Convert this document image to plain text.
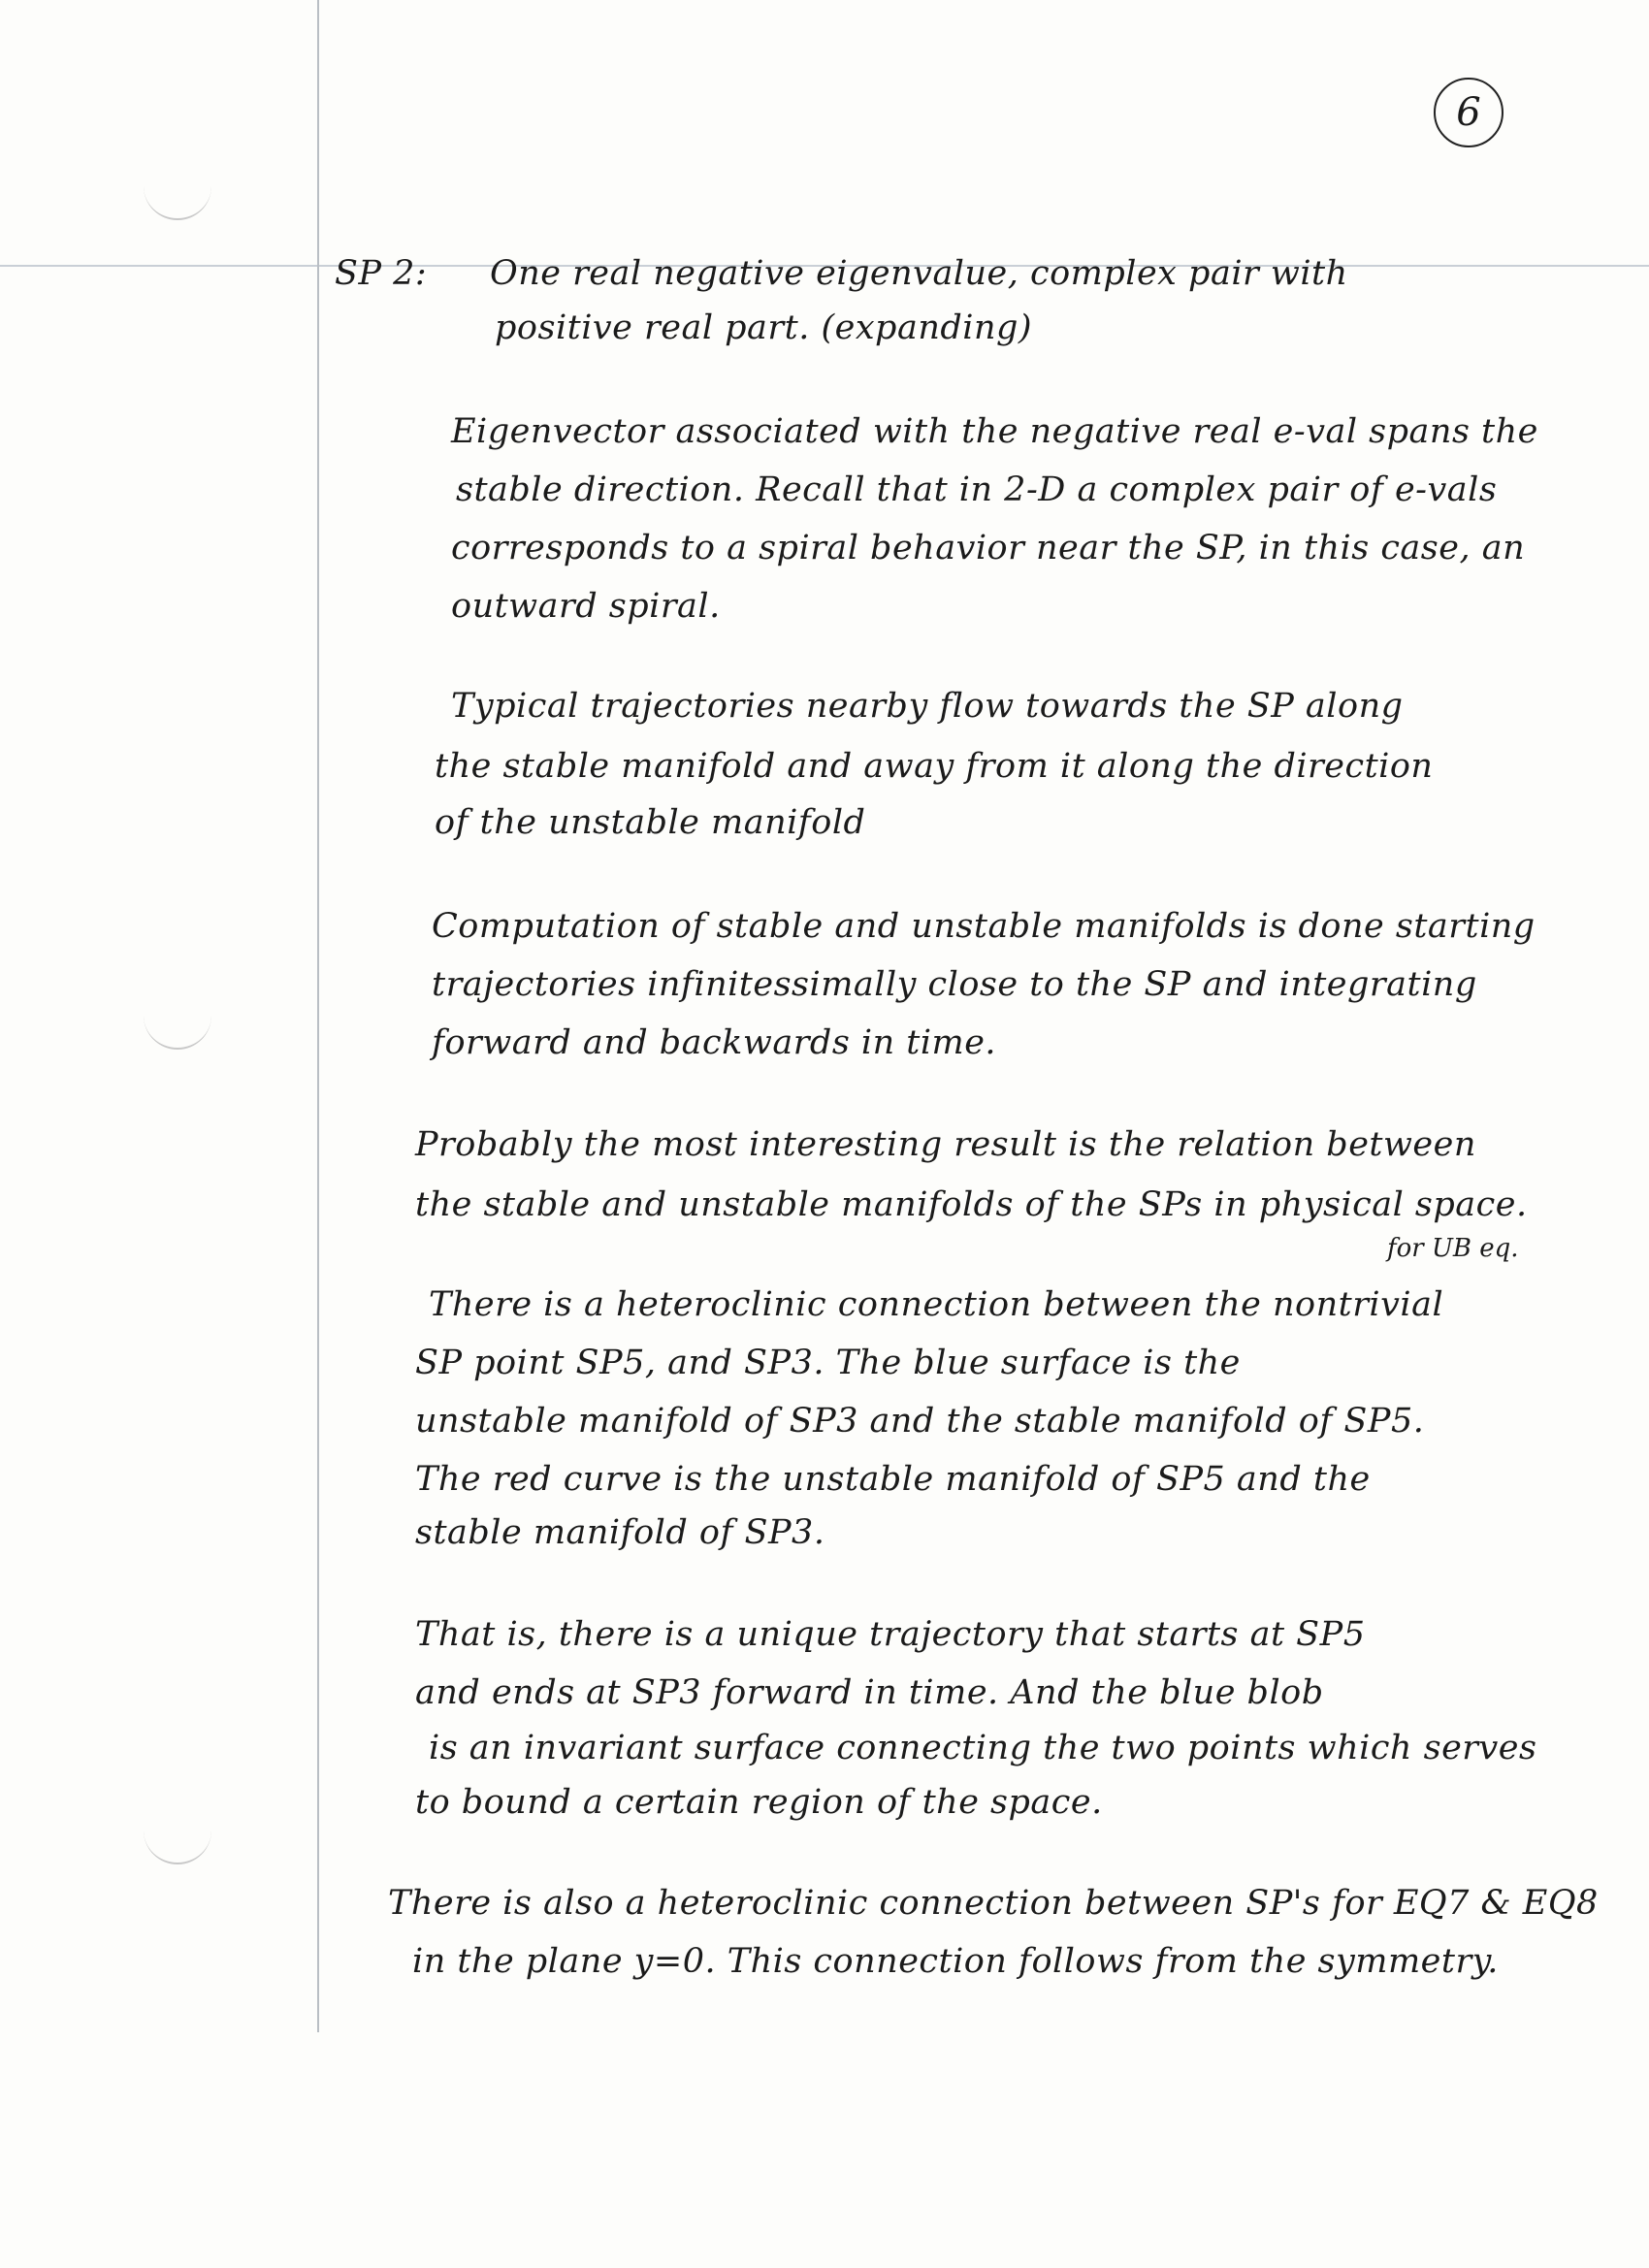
6
SP 2: One real negative eigenvalue, complex pair with
positive real part. (expanding)
Eigenvector associated with the negative real e-val spans the
stable direction. Recall that in 2-D a complex pair of e-vals
corresponds to a spiral behavior near the SP, in this case, an
outward spiral.
Typical trajectories nearby flow towards the SP along
the stable manifold and away from it along the direction
of the unstable manifold
Computation of stable and unstable manifolds is done starting
trajectories infinitessimally close to the SP and integrating
forward and backwards in time.
Probably the most interesting result is the relation between
the stable and unstable manifolds of the SPs in physical space.
for UB eq.
There is a heteroclinic connection between the nontrivial
SP point SP5, and SP3. The blue surface is the
unstable manifold of SP3 and the stable manifold of SP5.
The red curve is the unstable manifold of SP5 and the
stable manifold of SP3.
That is, there is a unique trajectory that starts at SP5
and ends at SP3 forward in time. And the blue blob
is an invariant surface connecting the two points which serves
to bound a certain region of the space.
There is also a heteroclinic connection between SP's for EQ7 & EQ8
in the plane y=0. This connection follows from the symmetry.
